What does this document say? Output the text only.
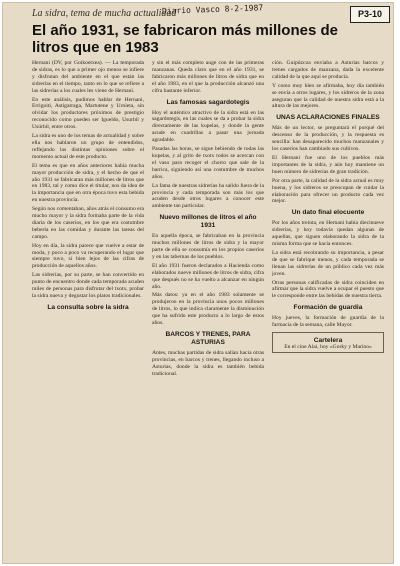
La sidra, tema de mucha actualidad
Diario Vasco 8-2-1987	P3-10
El año 1931, se fabricaron más millones de litros que en 1983

Hernani (DV, por Goikoetxea). — La temporada de sidras, es lo que a primer ojo menos se infiere y disfrutan del ambiente en el que están las sidrerías en el tiempo, tanto en lo que se refiere a las sidrerías a los cuales les viene de Hernani.

En este análisis, pudimos hablar de Hernani, Errigoiti, Astigarraga, Martutene y Urnieta, sin olvidar los productores próximos de prestigio reconocido como pueden ser Igueldo, Usurbil y Usúrbil, entre otros.

La sidra es uno de los temas de actualidad y sobre ella nos hablaron un grupo de entendidos, reflejando las distintas opiniones sobre el momento actual de este producto.

El tema es que en años anteriores había mucha mayor producción de sidra, y el hecho de que el año 1931 se fabricaran más millones de litros que en 1983, tal y como dice el titular, nos da idea de la importancia que en otra época tuvo esta bebida en nuestra provincia.

Según nos comentaban, años atrás el consumo era mucho mayor y la sidra formaba parte de la vida diaria de los caseríos, en los que era costumbre beberla en las comidas y durante las tareas del campo.

Hoy en día, la sidra parece que vuelve a estar de moda, y poco a poco va recuperando el lugar que siempre tuvo, si bien lejos de las cifras de producción de aquellos años.

Las sidrerías, por su parte, se han convertido en punto de encuentro donde cada temporada acuden miles de personas para disfrutar del txotx, probar la sidra nueva y degustar los platos tradicionales.

La consulta sobre la sidra

y sin el más completo auge con de las primeras manzanas. Queda claro que en el año 1931, se fabricaron más millones de litros de sidra que en el año 1983, en el que la producción alcanzó una cifra bastante inferior.

Las famosas sagardotegis

Hoy el auténtico atractivo de la sidra está en las sagardotegis, en las cuales se da a probar la sidra directamente de las kupelas, y donde la gente acude en cuadrillas a pasar una jornada agradable.

Pasadas las horas, se sigue bebiendo de todas las kupelas, y al grito de txotx todos se acercan con el vaso para recoger el chorro que sale de la barrica, siguiendo así una costumbre de muchos años.

La fama de nuestras sidrerías ha salido fuera de la provincia y cada temporada son más los que acuden desde otros lugares a conocer este ambiente tan particular.

Nuevo millones de litros el año 1931

En aquella época, se fabricaban en la provincia muchos millones de litros de sidra y la mayor parte de ella se consumía en los propios caseríos y en las tabernas de los pueblos.

El año 1931 fueron declarados a Hacienda como elaborados nueve millones de litros de sidra, cifra que después no se ha vuelto a alcanzar en ningún año.

Más datos: ya en el año 1983 solamente se produjeron en la provincia unos pocos millones de litros, lo que indica claramente la disminución que ha sufrido este producto a lo largo de estos años.

BARCOS Y TRENES, PARA ASTURIAS

Antes, muchas partidas de sidra salían hacia otras provincias, en barcos y trenes, llegando incluso a Asturias, donde la sidra es también bebida tradicional.

ción. Guipúzcoa enviaba a Asturias barcos y trenes cargados de manzana, dada la excelente calidad de la que aquí se producía.

Y como muy bien se afirmaba, hoy día también se envía a otros lugares, y los sidreros de la zona aseguran que la calidad de nuestra sidra está a la altura de las mejores.

UNAS ACLARACIONES FINALES

Más de un lector, se preguntará el porqué del descenso de la producción, y la respuesta es sencilla: han desaparecido muchos manzanales y los caseríos han cambiado sus cultivos.

El Hernani fue uno de los pueblos más importantes de la sidra, y aún hoy mantiene un buen número de sidrerías de gran tradición.

Por otra parte, la calidad de la sidra actual es muy buena, y los sidreros se preocupan de cuidar la elaboración para ofrecer un producto cada vez mejor.

Un dato final elocuente

Por los años treinta, en Hernani había diecinueve sidrerías, y hoy todavía quedan algunas de aquellas, que siguen elaborando la sidra de la misma forma que se hacía entonces.

La sidra está recobrando su importancia, a pesar de que se fabrique menos, y cada temporada se llenan las sidrerías de un público cada vez más joven.

Otras personas calificadas de sidra coinciden en afirmar que la sidra vuelve a ocupar el puesto que le corresponde entre las bebidas de nuestra tierra.

Formación de guardia

Hoy jueves, la formación de guardia de la farmacia de la semana, calle Mayor.

Cartelera
En el cine Alai, hoy «Gorky y Marino»
